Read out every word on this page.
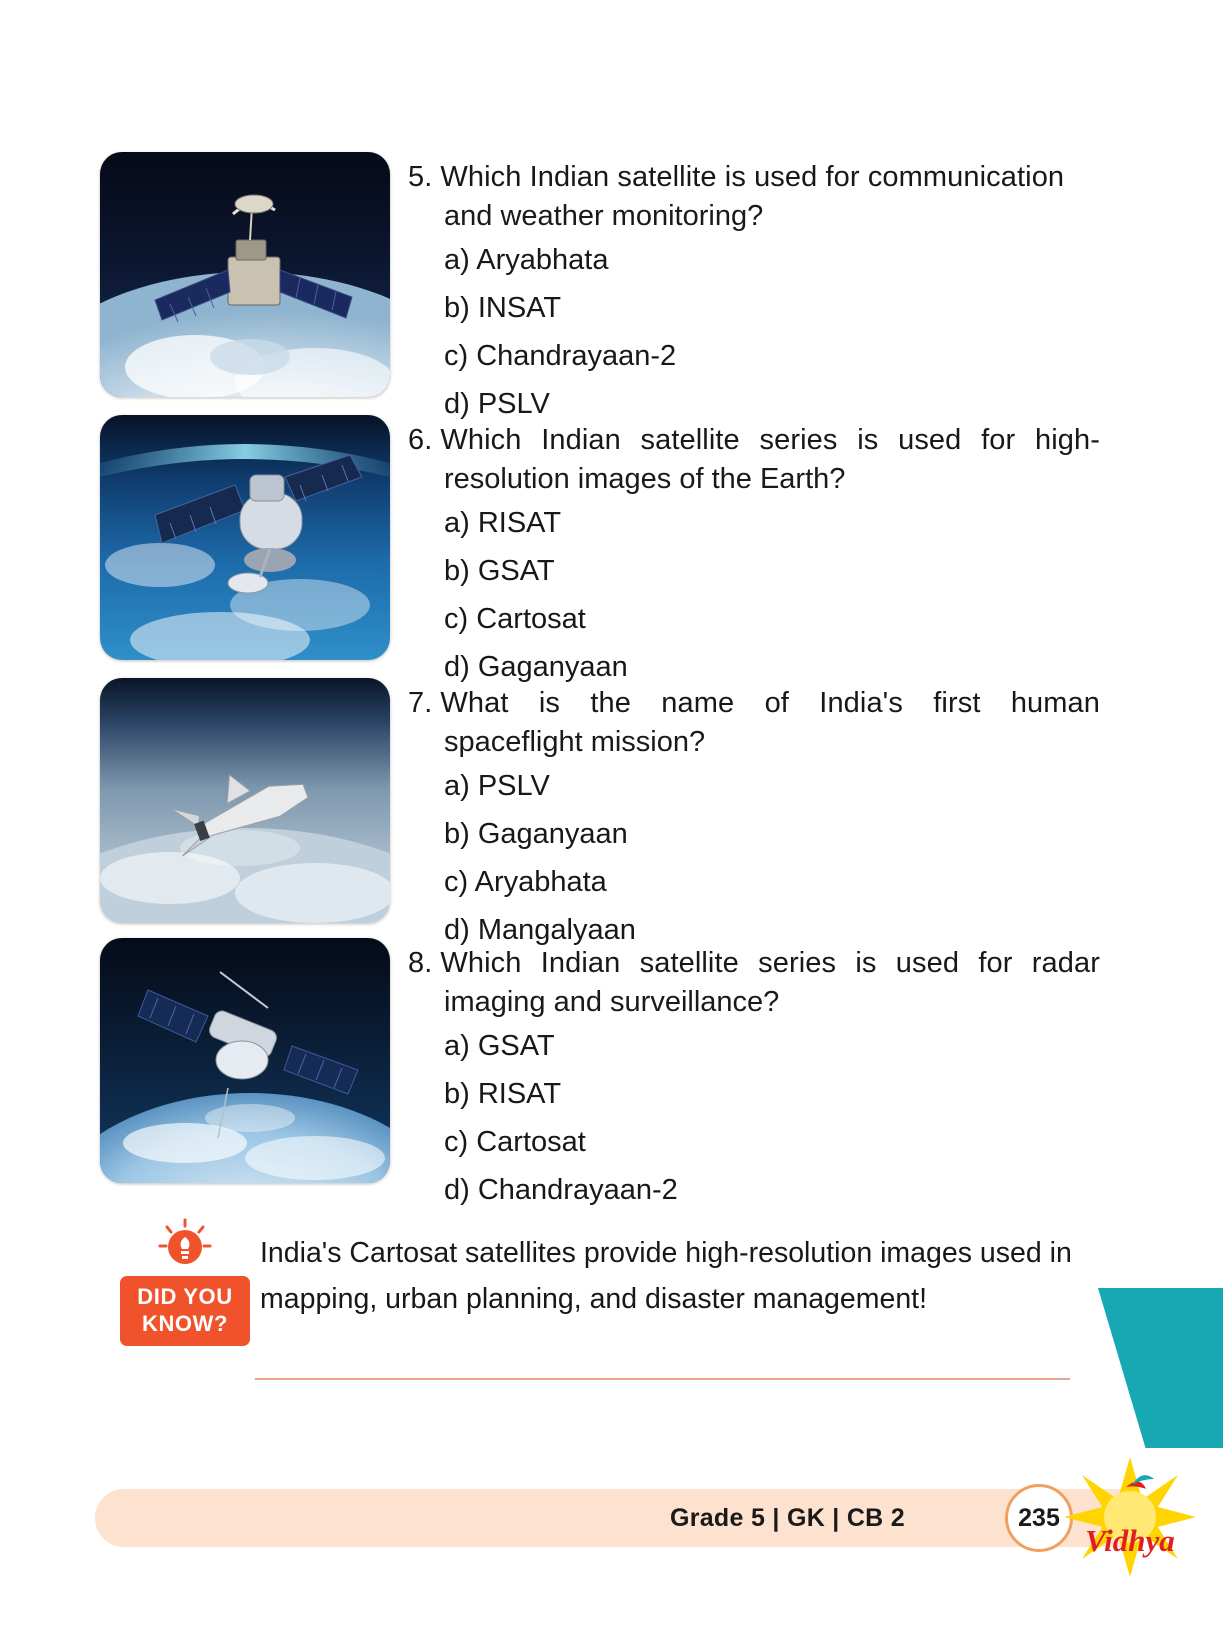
5. Which Indian satellite is used for communication
and weather monitoring?
a) Aryabhata
b) INSAT
c) Chandrayaan-2
d) PSLV
6. Which Indian satellite series is used for high-
resolution images of the Earth?
a) RISAT
b) GSAT
c) Cartosat
d) Gaganyaan
7. What is the name of India's first human
spaceflight mission?
a) PSLV
b) Gaganyaan
c) Aryabhata
d) Mangalyaan
8. Which Indian satellite series is used for radar
imaging and surveillance?
a) GSAT
b) RISAT
c) Cartosat
d) Chandrayaan-2
DID YOU
KNOW?
India's Cartosat satellites provide high-resolution images used in mapping, urban planning, and disaster management!
Grade 5 | GK | CB 2	235
Vidhya
